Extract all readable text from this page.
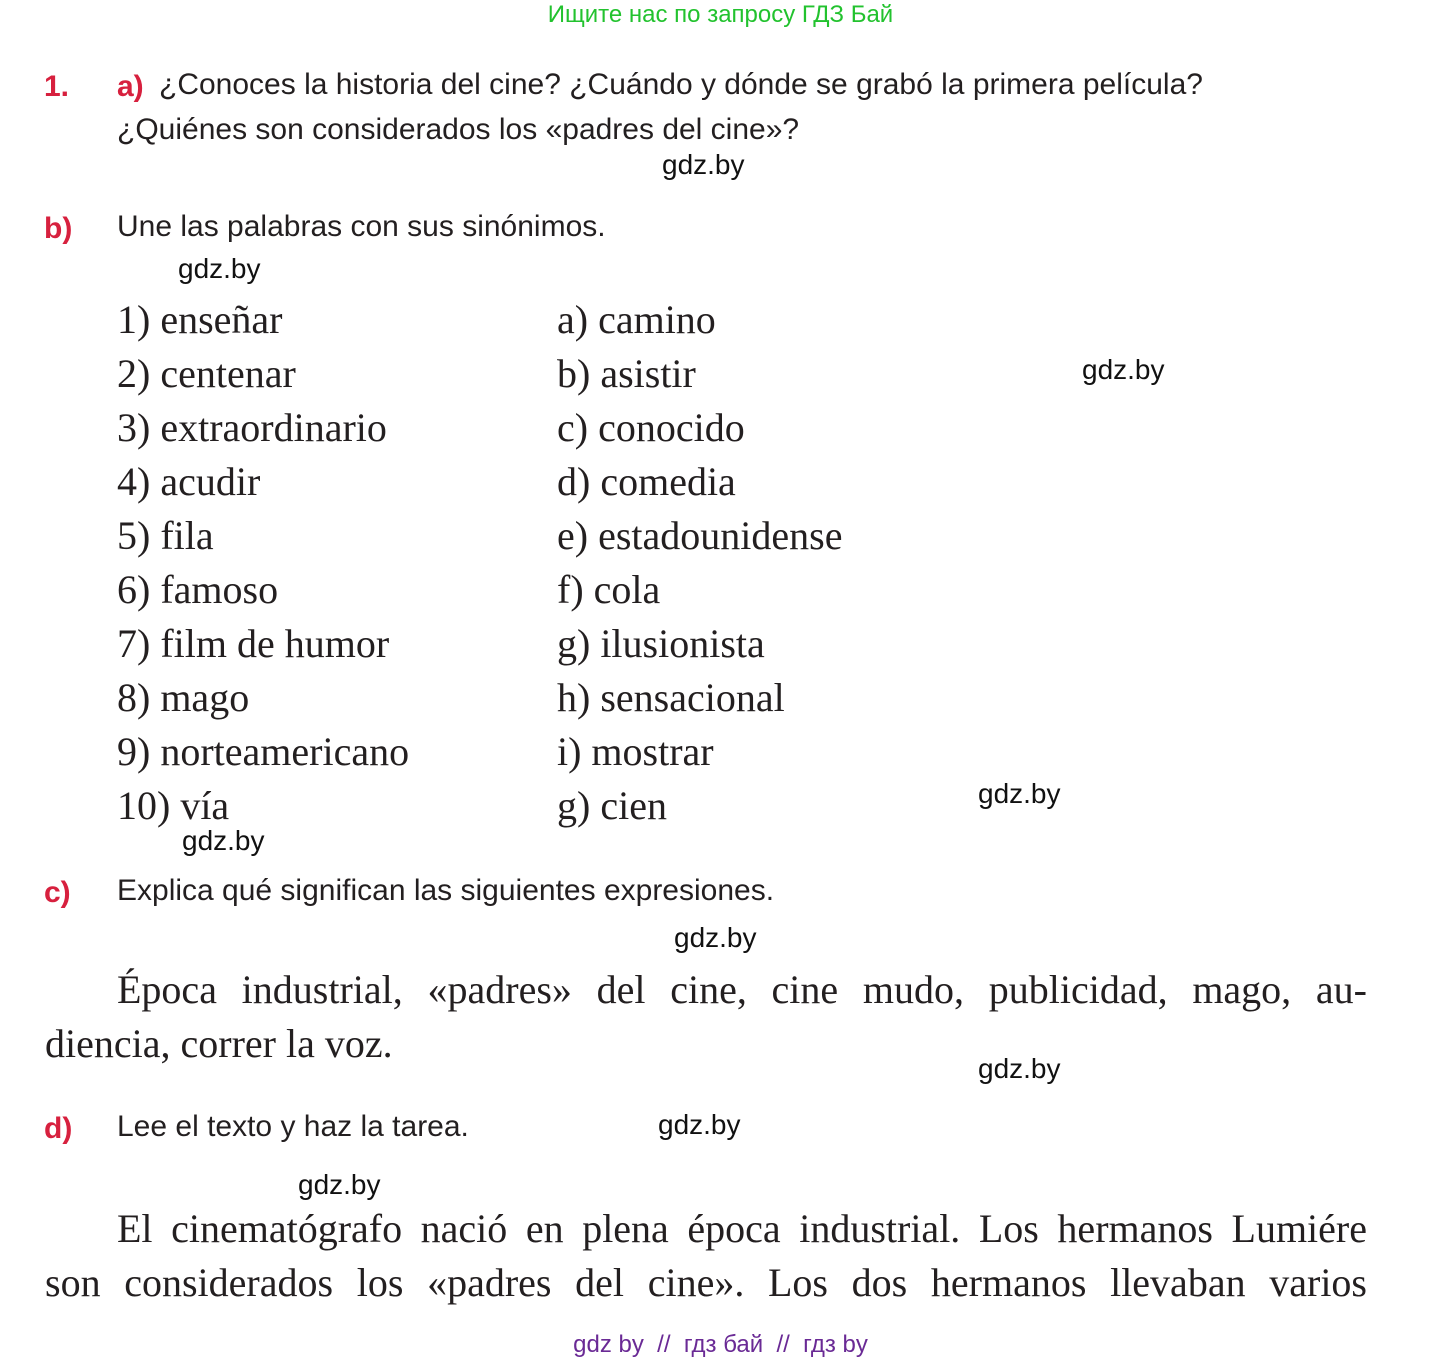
Ищите нас по запросу ГДЗ Бай
1. a) ¿Conoces la historia del cine? ¿Cuándo y dónde se grabó la primera película?
¿Quiénes son considerados los «padres del cine»?
gdz.by
b) Une las palabras con sus sinónimos.
gdz.by
1) enseñar
2) centenar
3) extraordinario
4) acudir
5) fila
6) famoso
7) film de humor
8) mago
9) norteamericano
10) vía
a) camino
b) asistir
c) conocido
d) comedia
e) estadounidense
f) cola
g) ilusionista
h) sensacional
i) mostrar
g) cien
gdz.by
gdz.by
gdz.by
c) Explica qué significan las siguientes expresiones.
gdz.by
Época industrial, «padres» del cine, cine mudo, publicidad, mago, au-
diencia, correr la voz.
gdz.by
d) Lee el texto y haz la tarea.	gdz.by
gdz.by
El cinematógrafo nació en plena época industrial. Los hermanos Lumiére
son considerados los «padres del cine». Los dos hermanos llevaban varios
gdz by  //  гдз бай  //  гдз by
